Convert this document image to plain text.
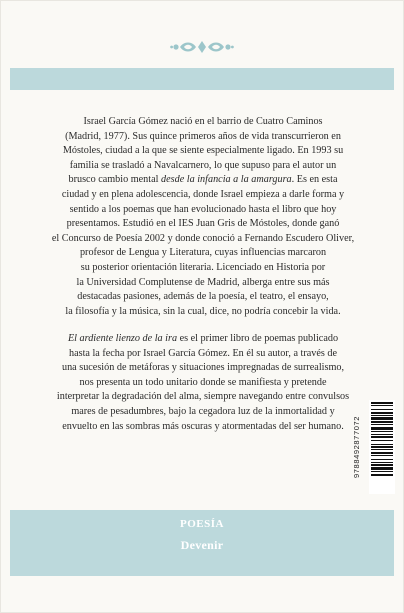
Israel García Gómez nació en el barrio de Cuatro Caminos

(Madrid, 1977). Sus quince primeros años de vida transcurrieron en

Móstoles, ciudad a la que se siente especialmente ligado. En 1993 su

familia se trasladó a Navalcarnero, lo que supuso para el autor un

brusco cambio mental desde la infancia a la amargura. Es en esta

ciudad y en plena adolescencia, donde Israel empieza a darle forma y

sentido a los poemas que han evolucionado hasta el libro que hoy

presentamos. Estudió en el IES Juan Gris de Móstoles, donde ganó

el Concurso de Poesía 2002 y donde conoció a Fernando Escudero Oliver,

profesor de Lengua y Literatura, cuyas influencias marcaron

su posterior orientación literaria. Licenciado en Historia por

la Universidad Complutense de Madrid, alberga entre sus más

destacadas pasiones, además de la poesía, el teatro, el ensayo,

la filosofía y la música, sin la cual, dice, no podría concebir la vida.

El ardiente lienzo de la ira es el primer libro de poemas publicado

hasta la fecha por Israel García Gómez. En él su autor, a través de

una sucesión de metáforas y situaciones impregnadas de surrealismo,

nos presenta un todo unitario donde se manifiesta y pretende

interpretar la degradación del alma, siempre navegando entre convulsos

mares de pesadumbres, bajo la cegadora luz de la inmortalidad y

envuelto en las sombras más oscuras y atormentadas del ser humano.	9788492877072
POESÍA
Devenir
